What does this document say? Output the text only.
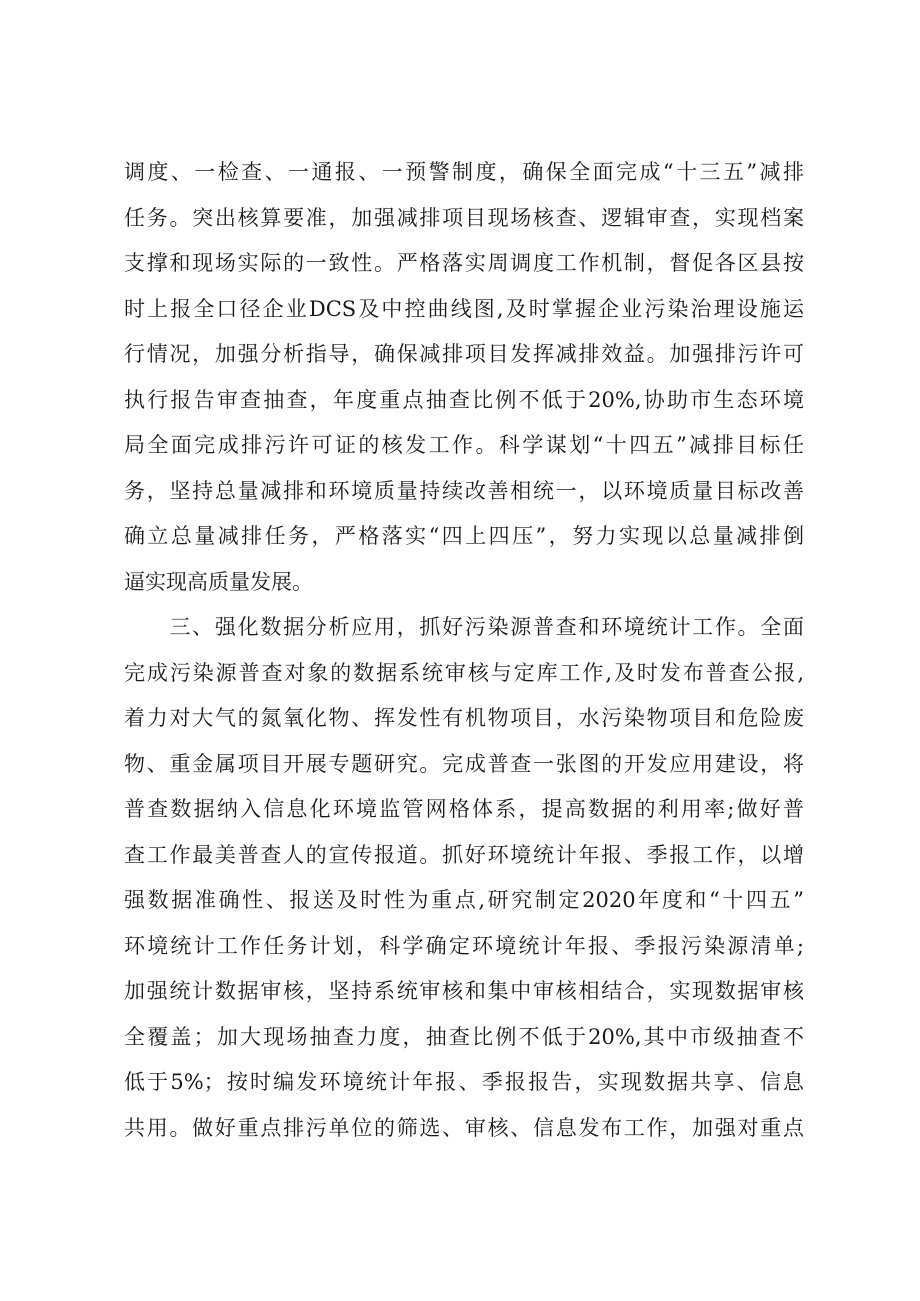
调度、一检查、一通报、一预警制度，确保全面完成“十三五”减排
任务。突出核算要准，加强减排项目现场核查、逻辑审查，实现档案
支撑和现场实际的一致性。严格落实周调度工作机制，督促各区县按
时上报全口径企业DCS及中控曲线图,及时掌握企业污染治理设施运
行情况，加强分析指导，确保减排项目发挥减排效益。加强排污许可
执行报告审查抽查，年度重点抽查比例不低于20%,协助市生态环境
局全面完成排污许可证的核发工作。科学谋划“十四五”减排目标任
务，坚持总量减排和环境质量持续改善相统一，以环境质量目标改善
确立总量减排任务，严格落实“四上四压”，努力实现以总量减排倒
逼实现高质量发展。
　　三、强化数据分析应用，抓好污染源普查和环境统计工作。全面
完成污染源普查对象的数据系统审核与定库工作,及时发布普查公报,
着力对大气的氮氧化物、挥发性有机物项目，水污染物项目和危险废
物、重金属项目开展专题研究。完成普查一张图的开发应用建设，将
普查数据纳入信息化环境监管网格体系，提高数据的利用率;做好普
查工作最美普查人的宣传报道。抓好环境统计年报、季报工作，以增
强数据准确性、报送及时性为重点,研究制定2020年度和“十四五”
环境统计工作任务计划，科学确定环境统计年报、季报污染源清单;
加强统计数据审核，坚持系统审核和集中审核相结合，实现数据审核
全覆盖；加大现场抽查力度，抽查比例不低于20%,其中市级抽查不
低于5%；按时编发环境统计年报、季报报告，实现数据共享、信息
共用。做好重点排污单位的筛选、审核、信息发布工作，加强对重点
